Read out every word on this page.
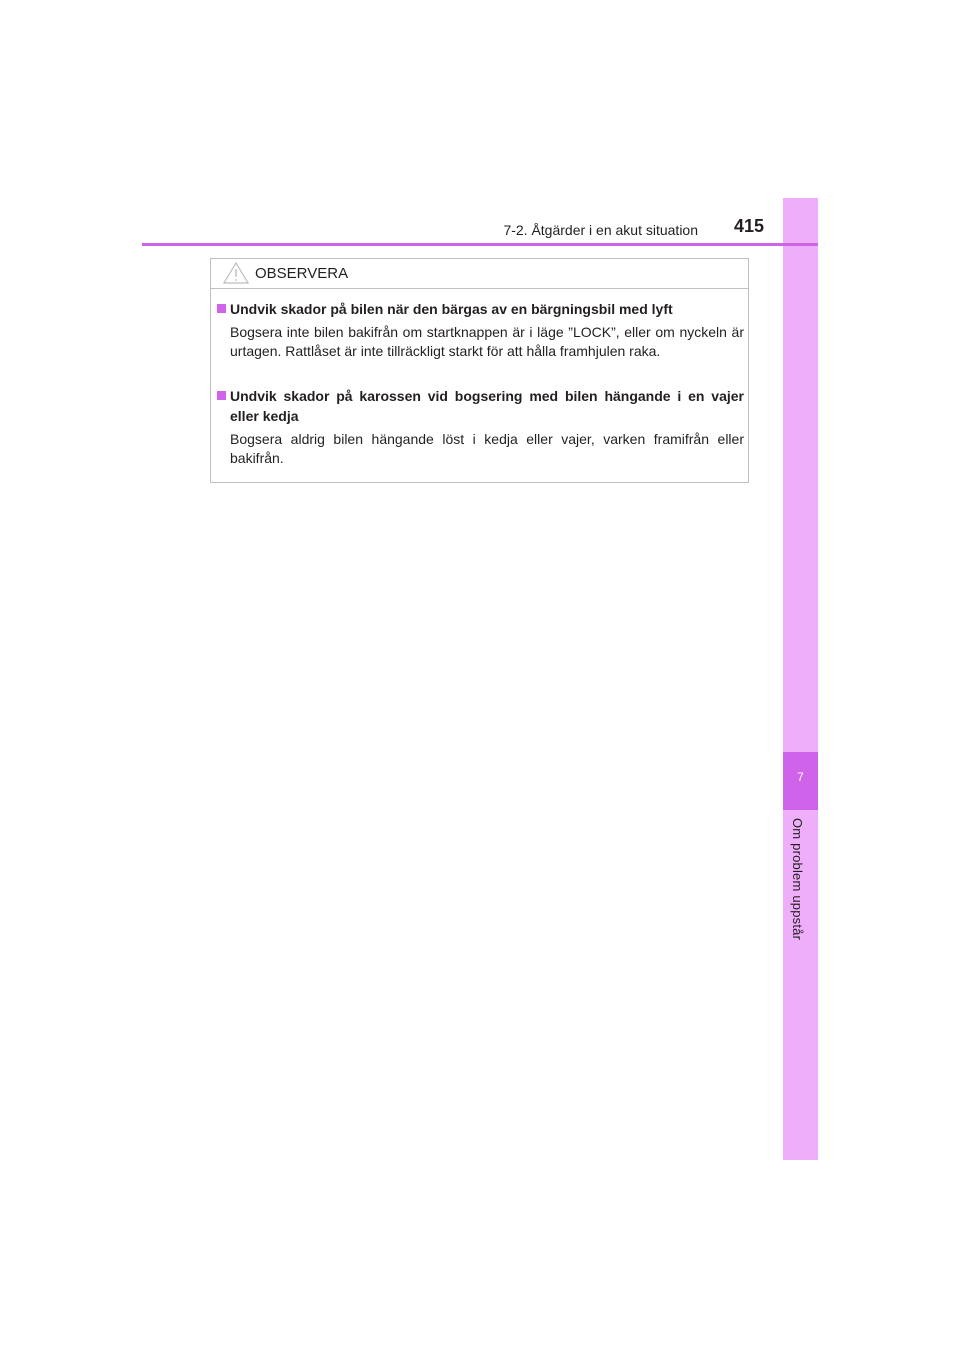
7
Om problem uppstår
7-2. Åtgärder i en akut situation 415
OBSERVERA
Undvik skador på bilen när den bärgas av en bärgningsbil med lyft
Bogsera inte bilen bakifrån om startknappen är i läge ”LOCK”, eller om nyckeln är urtagen. Rattlåset är inte tillräckligt starkt för att hålla framhjulen raka.
Undvik skador på karossen vid bogsering med bilen hängande i en vajer eller kedja
Bogsera aldrig bilen hängande löst i kedja eller vajer, varken framifrån eller bakifrån.
